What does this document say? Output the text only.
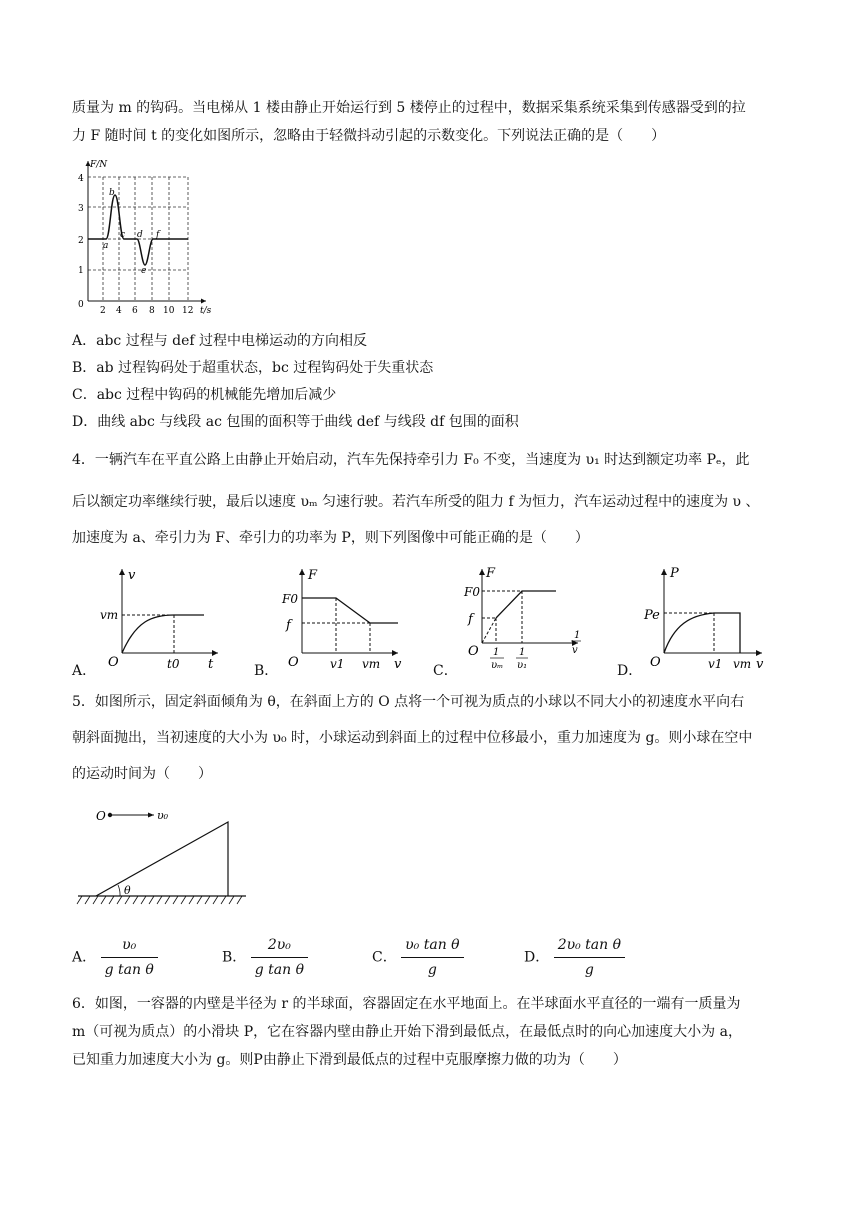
质量为 m 的钩码。当电梯从 1 楼由静止开始运行到 5 楼停止的过程中，数据采集系统采集到传感器受到的拉
力 F 随时间 t 的变化如图所示，忽略由于轻微抖动引起的示数变化。下列说法正确的是（　　）
F/N
t/s
0
1
2
3
4
2 4 6 8 10 12
a
b
c d
e
f
A．abc 过程与 def 过程中电梯运动的方向相反
B．ab 过程钩码处于超重状态，bc 过程钩码处于失重状态
C．abc 过程中钩码的机械能先增加后减少
D．曲线 abc 与线段 ac 包围的面积等于曲线 def 与线段 df 包围的面积
4．一辆汽车在平直公路上由静止开始启动，汽车先保持牵引力 F₀ 不变，当速度为 υ₁ 时达到额定功率 Pₑ，此
后以额定功率继续行驶，最后以速度 υₘ 匀速行驶。若汽车所受的阻力 f 为恒力，汽车运动过程中的速度为 υ 、
加速度为 a、牵引力为 F、牵引力的功率为 P，则下列图像中可能正确的是（　　）
A．	B．	C．	D．
v
vm
O	t0 t
F
F0
f
O	v1 vm v
F
F0
f
O 1
υₘ
1
υ₁
1
v
P
Pe
O	v1 vm v
5．如图所示，固定斜面倾角为 θ，在斜面上方的 O 点将一个可视为质点的小球以不同大小的初速度水平向右
朝斜面抛出，当初速度的大小为 υ₀ 时，小球运动到斜面上的过程中位移最小，重力加速度为 g。则小球在空中
的运动时间为（　　）
O	υ₀
θ
A． $\frac{\text{υ₀}}{\text{g tan θ}}$	B． $\frac{\text{2υ₀}}{\text{g tan θ}}$	C． $\frac{\text{υ₀ tan θ}}{g}$	D． $\frac{\text{2υ₀ tan θ}}{g}$
6．如图，一容器的内壁是半径为 r 的半球面，容器固定在水平地面上。在半球面水平直径的一端有一质量为
m（可视为质点）的小滑块 P，它在容器内壁由静止开始下滑到最低点，在最低点时的向心加速度大小为 a，
已知重力加速度大小为 g。则P由静止下滑到最低点的过程中克服摩擦力做的功为（　　）
